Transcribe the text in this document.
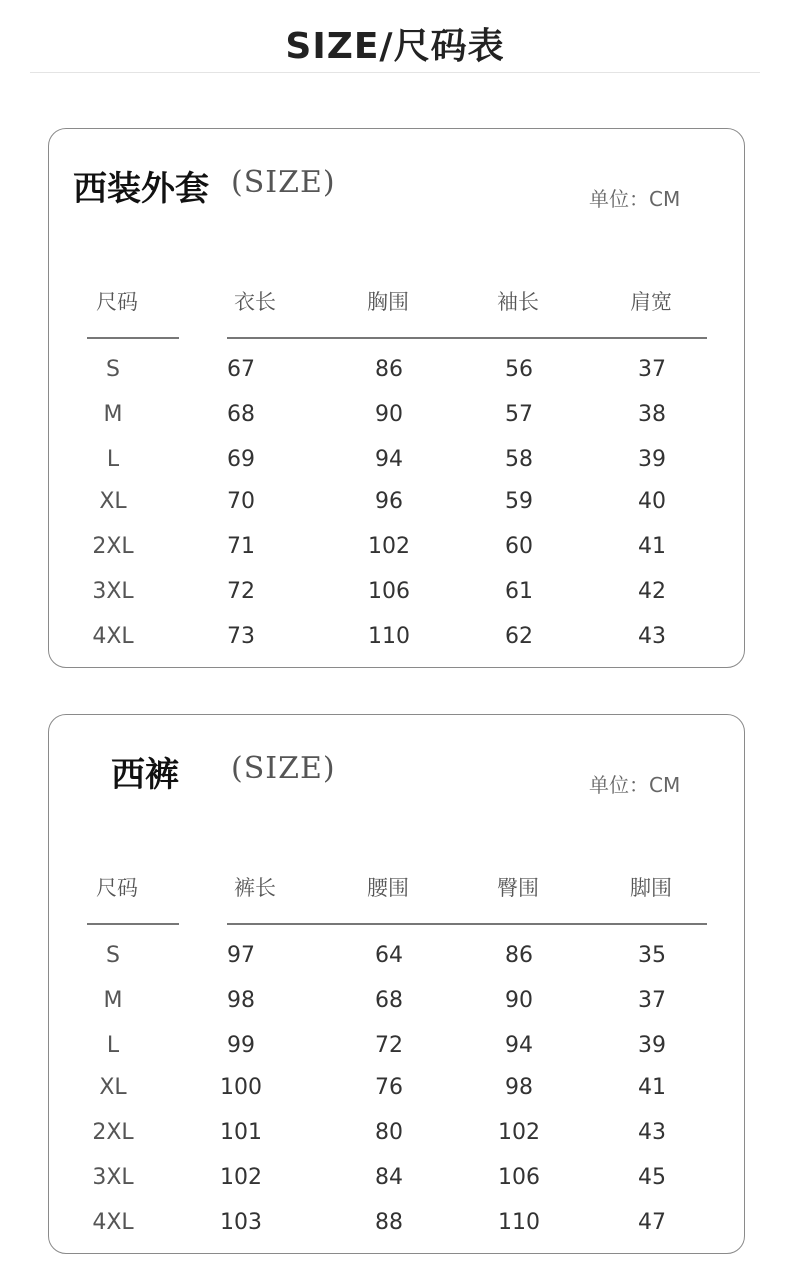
SIZE/尺码表
西装外套 (SIZE)	单位：CM
尺码	衣长	胸围	袖长	肩宽
S	67	86	56	37
M	68	90	57	38
L	69	94	58	39
XL	70	96	59	40
2XL	71	102	60	41
3XL	72	106	61	42
4XL	73	110	62	43
西裤 (SIZE)	单位：CM
尺码	裤长	腰围	臀围	脚围
S	97	64	86	35
M	98	68	90	37
L	99	72	94	39
XL	100	76	98	41
2XL	101	80	102	43
3XL	102	84	106	45
4XL	103	88	110	47
